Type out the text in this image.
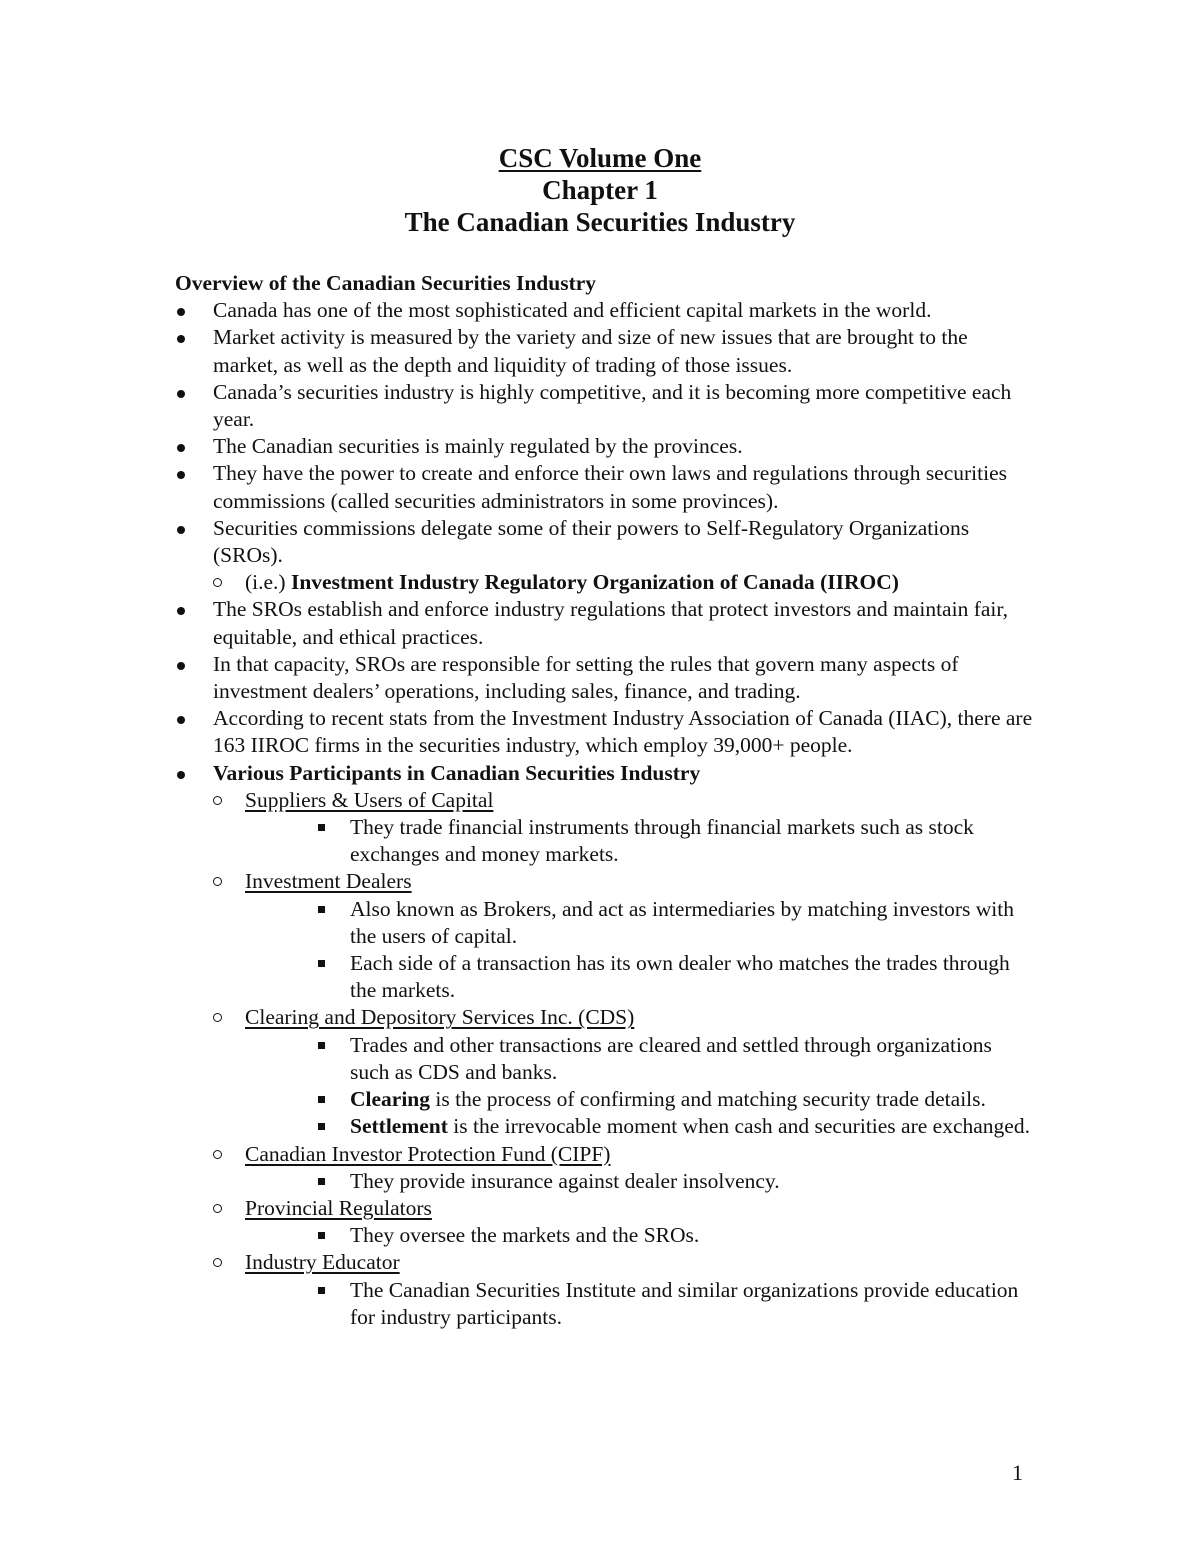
CSC Volume One
Chapter 1
The Canadian Securities Industry

Overview of the Canadian Securities Industry

Canada has one of the most sophisticated and efficient capital markets in the world.
Market activity is measured by the variety and size of new issues that are brought to the market, as well as the depth and liquidity of trading of those issues.
Canada’s securities industry is highly competitive, and it is becoming more competitive each year.
The Canadian securities is mainly regulated by the provinces.
They have the power to create and enforce their own laws and regulations through securities commissions (called securities administrators in some provinces).
Securities commissions delegate some of their powers to Self-Regulatory Organizations (SROs).
(i.e.) Investment Industry Regulatory Organization of Canada (IIROC)
The SROs establish and enforce industry regulations that protect investors and maintain fair, equitable, and ethical practices.
In that capacity, SROs are responsible for setting the rules that govern many aspects of investment dealers’ operations, including sales, finance, and trading.
According to recent stats from the Investment Industry Association of Canada (IIAC), there are 163 IIROC firms in the securities industry, which employ 39,000+ people.
Various Participants in Canadian Securities Industry
Suppliers & Users of Capital
They trade financial instruments through financial markets such as stock exchanges and money markets.
Investment Dealers
Also known as Brokers, and act as intermediaries by matching investors with the users of capital.
Each side of a transaction has its own dealer who matches the trades through the markets.
Clearing and Depository Services Inc. (CDS)
Trades and other transactions are cleared and settled through organizations such as CDS and banks.
Clearing is the process of confirming and matching security trade details.
Settlement is the irrevocable moment when cash and securities are exchanged.
Canadian Investor Protection Fund (CIPF)
They provide insurance against dealer insolvency.
Provincial Regulators
They oversee the markets and the SROs.
Industry Educator
The Canadian Securities Institute and similar organizations provide education for industry participants.
1
